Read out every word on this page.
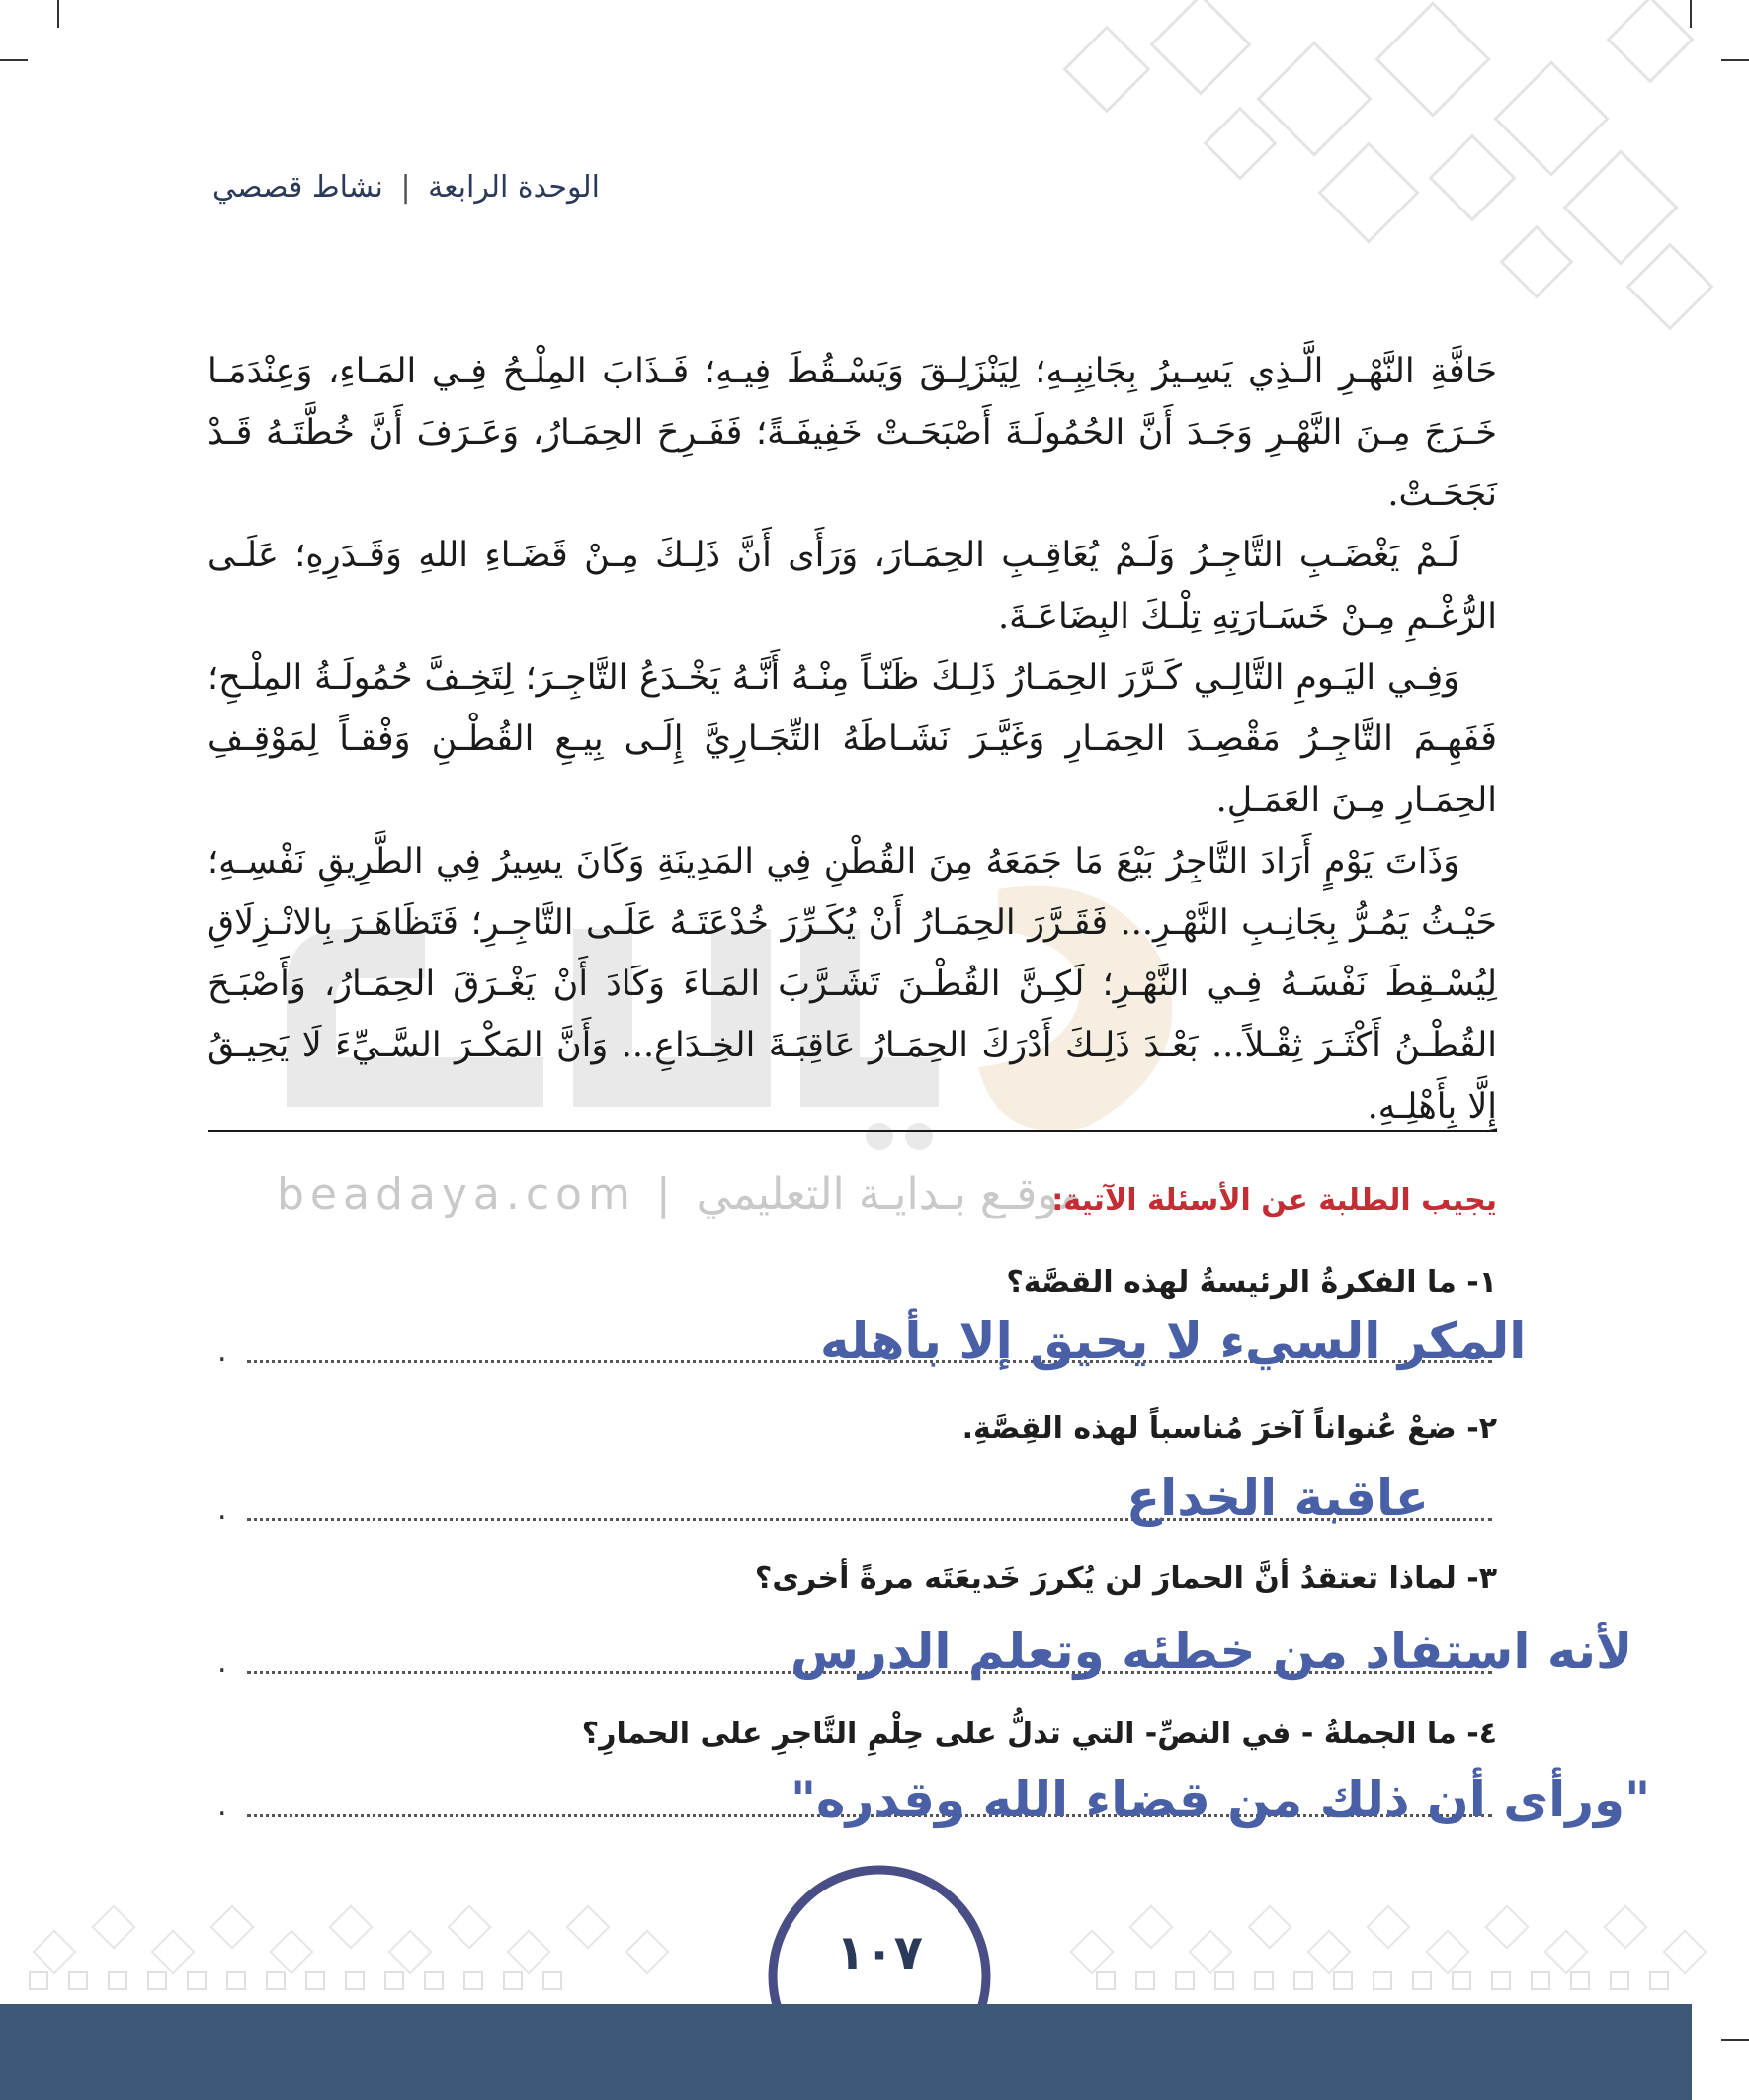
الوحدة الرابعة | نشاط قصصي

حَافَّةِ النَّهْـرِ الَّـذِي يَسِـيرُ بِجَانِبِـهِ؛ لِيَنْزَلِـقَ وَيَسْـقُطَ فِيـهِ؛ فَـذَابَ المِلْـحُ فِـي المَـاءِ، وَعِنْدَمَـا خَـرَجَ مِـنَ النَّهْـرِ وَجَـدَ أَنَّ الحُمُولَـةَ أَصْبَحَـتْ خَفِيفَـةً؛ فَفَـرِحَ الحِمَـارُ، وَعَـرَفَ أَنَّ خُطَّتَـهُ قَـدْ نَجَحَـتْ.

لَـمْ يَغْضَـبِ التَّاجِـرُ وَلَـمْ يُعَاقِـبِ الحِمَـارَ، وَرَأَى أَنَّ ذَلِـكَ مِـنْ قَضَـاءِ اللهِ وَقَـدَرِهِ؛ عَلَـى الرُّغْـمِ مِـنْ خَسَـارَتِهِ تِلْـكَ البِضَاعَـةَ.

وَفِـي اليَـومِ التَّالِـي كَـرَّرَ الحِمَـارُ ذَلِـكَ ظَنّـاً مِنْـهُ أَنَّـهُ يَخْـدَعُ التَّاجِـرَ؛ لِتَخِـفَّ حُمُولَـةُ المِلْـحِ؛ فَفَهِـمَ التَّاجِـرُ مَقْصِـدَ الحِمَـارِ وَغَيَّـرَ نَشَـاطَهُ التِّجَـارِيَّ إِلَـى بِيـعِ القُطْـنِ وَفْقـاً لِمَوْقِـفِ الحِمَـارِ مِـنَ العَمَـلِ.

وَذَاتَ يَوْمٍ أَرَادَ التَّاجِرُ بَيْعَ مَا جَمَعَهُ مِنَ القُطْنِ فِي المَدِينَةِ وَكَانَ يسِيرُ فِي الطَّرِيقِ نَفْسِـهِ؛ حَيْـثُ يَمُـرُّ بِجَانِـبِ النَّهْـرِ... فَقَـرَّرَ الحِمَـارُ أَنْ يُكَـرِّرَ خُدْعَتَـهُ عَلَـى التَّاجِـرِ؛ فَتَظَاهَـرَ بِالانْـزِلَاقِ لِيُسْـقِطَ نَفْسَـهُ فِـي النَّهْـرِ؛ لَكِـنَّ القُطْـنَ تَشَـرَّبَ المَـاءَ وَكَادَ أَنْ يَغْـرَقَ الحِمَـارُ، وَأَصْبَـحَ القُطْـنُ أَكْثَـرَ ثِقْـلاً... بَعْـدَ ذَلِـكَ أَدْرَكَ الحِمَـارُ عَاقِبَـةَ الخِـدَاعِ... وَأَنَّ المَكْـرَ السَّـيِّءَ لَا يَحِيـقُ إِلَّا بِأَهْلِـهِ.

beadaya.com | موقـع بـدايـة التعليمي
يجيب الطلبة عن الأسئلة الآتية:
١- ما الفكرةُ الرئيسةُ لهذه القصَّة؟
.	المكر السيء لا يحيق إلا بأهله
٢- ضعْ عُنواناً آخرَ مُناسباً لهذه القِصَّةِ.
.	عاقبة الخداع
٣- لماذا تعتقدُ أنَّ الحمارَ لن يُكررَ خَديعَتَه مرةً أخرى؟
.	لأنه استفاد من خطئه وتعلم الدرس
٤- ما الجملةُ - في النصِّ- التي تدلُّ على حِلْمِ التَّاجرِ على الحمارِ؟
.	"ورأى أن ذلك من قضاء الله وقدره"
١٠٧
